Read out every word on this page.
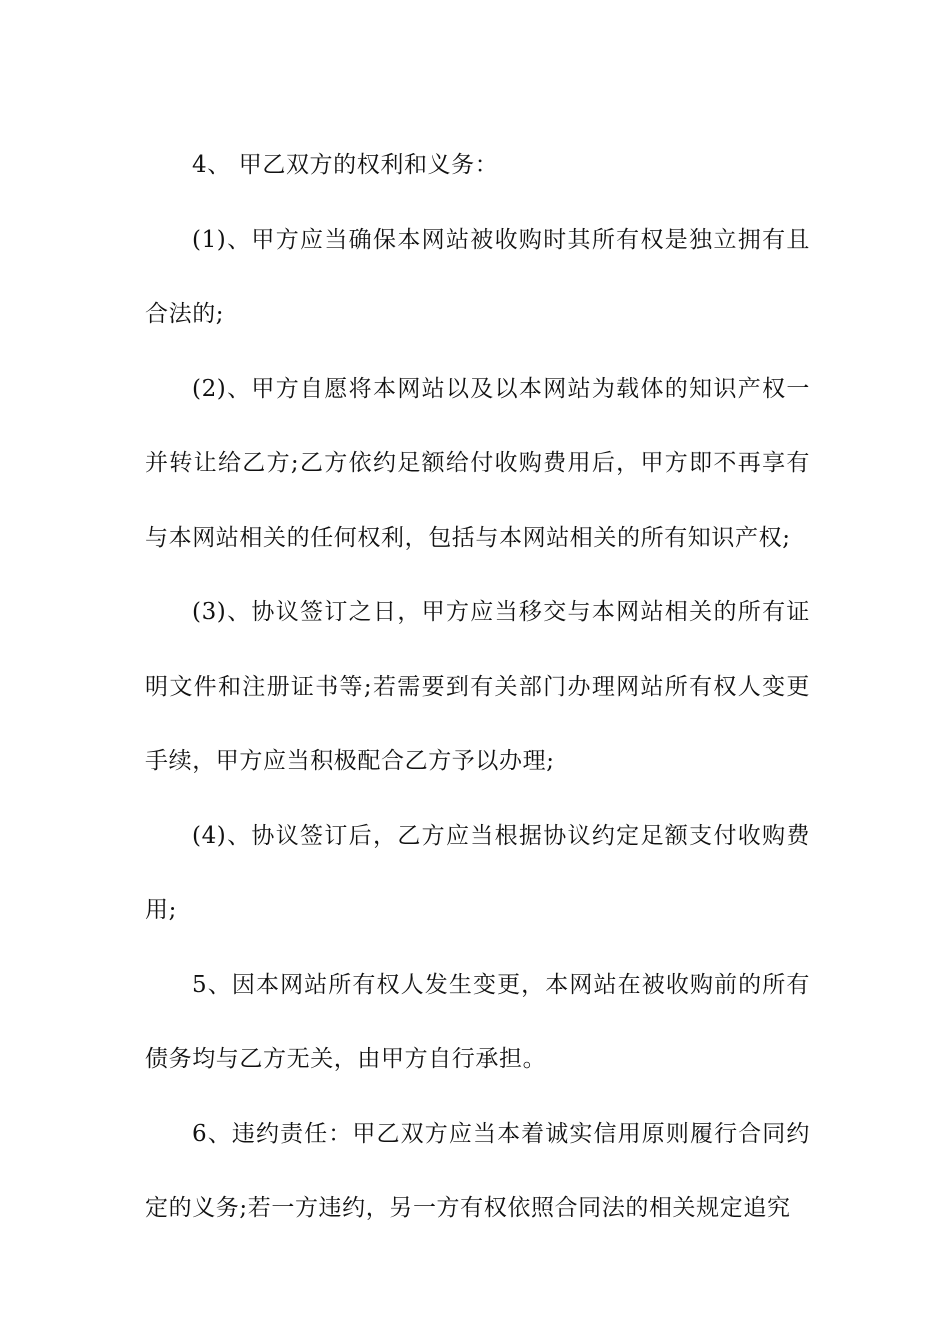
4、 甲乙双方的权利和义务：

(1)、甲方应当确保本网站被收购时其所有权是独立拥有且合法的;

(2)、甲方自愿将本网站以及以本网站为载体的知识产权一并转让给乙方;乙方依约足额给付收购费用后，甲方即不再享有与本网站相关的任何权利，包括与本网站相关的所有知识产权;

(3)、协议签订之日，甲方应当移交与本网站相关的所有证明文件和注册证书等;若需要到有关部门办理网站所有权人变更手续，甲方应当积极配合乙方予以办理;

(4)、协议签订后，乙方应当根据协议约定足额支付收购费用;

5、因本网站所有权人发生变更，本网站在被收购前的所有债务均与乙方无关，由甲方自行承担。

6、违约责任：甲乙双方应当本着诚实信用原则履行合同约定的义务;若一方违约，另一方有权依照合同法的相关规定追究
